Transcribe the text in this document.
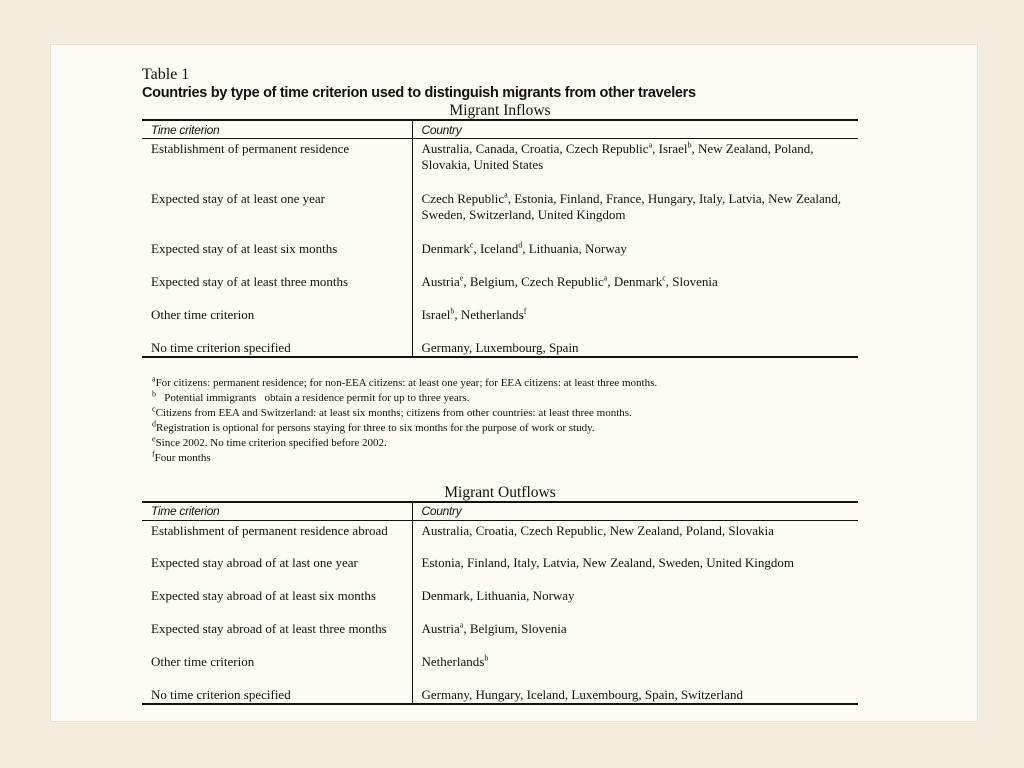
Table 1

Countries by type of time criterion used to distinguish migrants from other travelers

Migrant Inflows

Time criterion	Country
Establishment of permanent residence	Australia, Canada, Croatia, Czech Republic$^a$, Israel$^b$, New Zealand, Poland, Slovakia, United States
Expected stay of at least one year	Czech Republic$^a$, Estonia, Finland, France, Hungary, Italy, Latvia, New Zealand, Sweden, Switzerland, United Kingdom
Expected stay of at least six months	Denmark$^c$, Iceland$^d$, Lithuania, Norway
Expected stay of at least three months	Austria$^e$, Belgium, Czech Republic$^a$, Denmark$^c$, Slovenia
Other time criterion	Israel$^b$, Netherlands$^f$
No time criterion specified	Germany, Luxembourg, Spain
$^a$For citizens: permanent residence; for non-EEA citizens: at least one year; for EEA citizens: at least three months.
$^b$   Potential immigrants   obtain a residence permit for up to three years.
$^c$Citizens from EEA and Switzerland: at least six months; citizens from other countries: at least three months.
$^d$Registration is optional for persons staying for three to six months for the purpose of work or study.
$^e$Since 2002. No time criterion specified before 2002.
$^f$Four months

Migrant Outflows

Time criterion	Country
Establishment of permanent residence abroad	Australia, Croatia, Czech Republic, New Zealand, Poland, Slovakia
Expected stay abroad of at last one year	Estonia, Finland, Italy, Latvia, New Zealand, Sweden, United Kingdom
Expected stay abroad of at least six months	Denmark, Lithuania, Norway
Expected stay abroad of at least three months	Austria$^a$, Belgium, Slovenia
Other time criterion	Netherlands$^b$
No time criterion specified	Germany, Hungary, Iceland, Luxembourg, Spain, Switzerland
